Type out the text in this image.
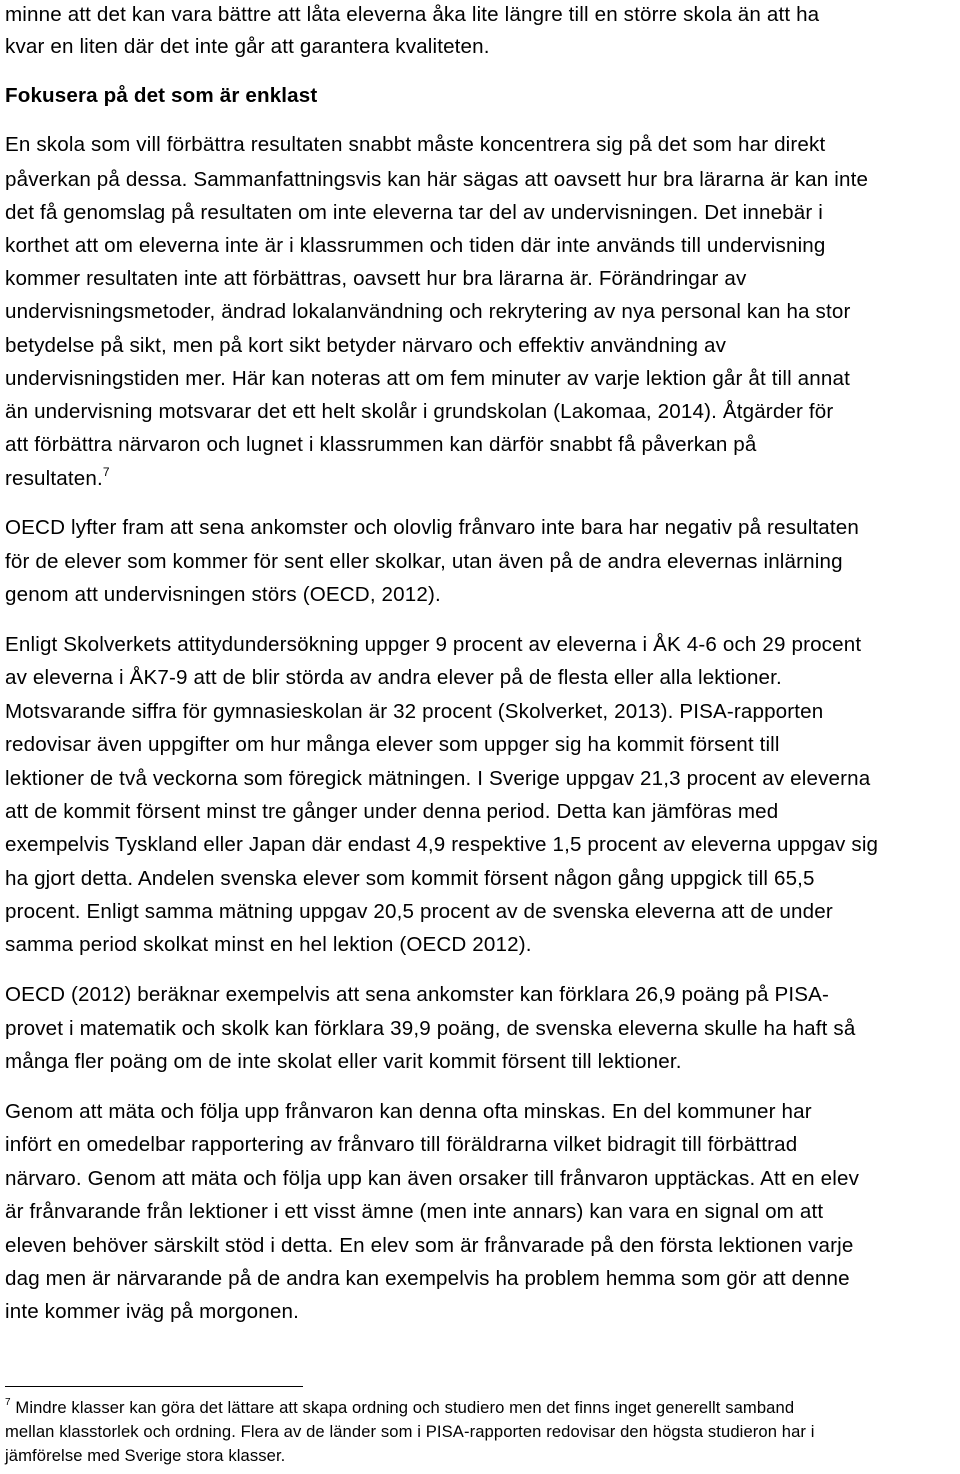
minne att det kan vara bättre att låta eleverna åka lite längre till en större skola än att ha
kvar en liten där det inte går att garantera kvaliteten.
Fokusera på det som är enklast
En skola som vill förbättra resultaten snabbt måste koncentrera sig på det som har direkt
påverkan på dessa. Sammanfattningsvis kan här sägas att oavsett hur bra lärarna är kan inte
det få genomslag på resultaten om inte eleverna tar del av undervisningen. Det innebär i
korthet att om eleverna inte är i klassrummen och tiden där inte används till undervisning
kommer resultaten inte att förbättras, oavsett hur bra lärarna är. Förändringar av
undervisningsmetoder, ändrad lokalanvändning och rekrytering av nya personal kan ha stor
betydelse på sikt, men på kort sikt betyder närvaro och effektiv användning av
undervisningstiden mer. Här kan noteras att om fem minuter av varje lektion går åt till annat
än undervisning motsvarar det ett helt skolår i grundskolan (Lakomaa, 2014). Åtgärder för
att förbättra närvaron och lugnet i klassrummen kan därför snabbt få påverkan på
resultaten.$^7$
OECD lyfter fram att sena ankomster och olovlig frånvaro inte bara har negativ på resultaten
för de elever som kommer för sent eller skolkar, utan även på de andra elevernas inlärning
genom att undervisningen störs (OECD, 2012).
Enligt Skolverkets attitydundersökning uppger 9 procent av eleverna i ÅK 4-6 och 29 procent
av eleverna i ÅK7-9 att de blir störda av andra elever på de flesta eller alla lektioner.
Motsvarande siffra för gymnasieskolan är 32 procent (Skolverket, 2013). PISA-rapporten
redovisar även uppgifter om hur många elever som uppger sig ha kommit försent till
lektioner de två veckorna som föregick mätningen. I Sverige uppgav 21,3 procent av eleverna
att de kommit försent minst tre gånger under denna period. Detta kan jämföras med
exempelvis Tyskland eller Japan där endast 4,9 respektive 1,5 procent av eleverna uppgav sig
ha gjort detta. Andelen svenska elever som kommit försent någon gång uppgick till 65,5
procent. Enligt samma mätning uppgav 20,5 procent av de svenska eleverna att de under
samma period skolkat minst en hel lektion (OECD 2012).
OECD (2012) beräknar exempelvis att sena ankomster kan förklara 26,9 poäng på PISA-
provet i matematik och skolk kan förklara 39,9 poäng, de svenska eleverna skulle ha haft så
många fler poäng om de inte skolat eller varit kommit försent till lektioner.
Genom att mäta och följa upp frånvaron kan denna ofta minskas. En del kommuner har
infört en omedelbar rapportering av frånvaro till föräldrarna vilket bidragit till förbättrad
närvaro. Genom att mäta och följa upp kan även orsaker till frånvaron upptäckas. Att en elev
är frånvarande från lektioner i ett visst ämne (men inte annars) kan vara en signal om att
eleven behöver särskilt stöd i detta. En elev som är frånvarade på den första lektionen varje
dag men är närvarande på de andra kan exempelvis ha problem hemma som gör att denne
inte kommer iväg på morgonen.
$^7$ Mindre klasser kan göra det lättare att skapa ordning och studiero men det finns inget generellt samband
mellan klasstorlek och ordning. Flera av de länder som i PISA-rapporten redovisar den högsta studieron har i
jämförelse med Sverige stora klasser.
